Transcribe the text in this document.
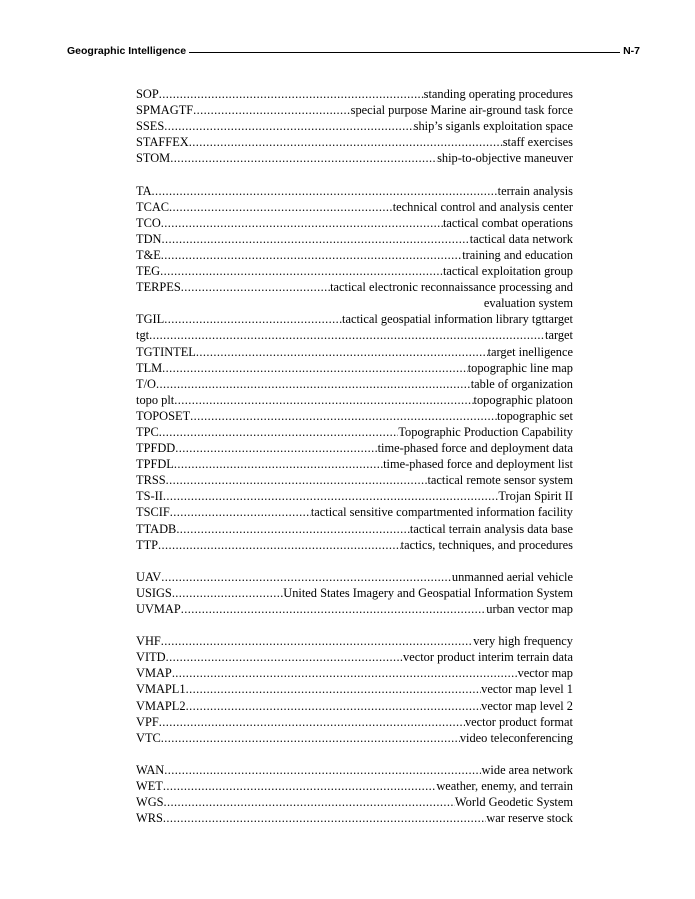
Geographic Intelligence	N-7
SOP .....	standing operating procedures
SPMAGTF .....	special purpose Marine air-ground task force
SSES .....	ship’s siganls exploitation space
STAFFEX .....	staff exercises
STOM .....	ship-to-objective maneuver
TA .....	terrain analysis
TCAC .....	technical control and analysis center
TCO .....	tactical combat operations
TDN .....	tactical data network
T&E .....	training and education
TEG .....	tactical exploitation group
TERPES .....	tactical electronic reconnaissance processing and
evaluation system
TGIL .....	tactical geospatial information library tgttarget
tgt .....	target
TGTINTEL .....	target inelligence
TLM .....	topographic line map
T/O .....	table of organization
topo plt .....	topographic platoon
TOPOSET .....	topographic set
TPC .....	Topographic Production Capability
TPFDD .....	time-phased force and deployment data
TPFDL .....	time-phased force and deployment list
TRSS .....	tactical remote sensor system
TS-II .....	Trojan Spirit II
TSCIF .....	tactical sensitive compartmented information facility
TTADB .....	tactical terrain analysis data base
TTP .....	tactics, techniques, and procedures
UAV .....	unmanned aerial vehicle
USIGS .....	United States Imagery and Geospatial Information System
UVMAP .....	urban vector map
VHF .....	very high frequency
VITD .....	vector product interim terrain data
VMAP .....	vector map
VMAPL1 .....	vector map level 1
VMAPL2 .....	vector map level 2
VPF .....	vector product format
VTC .....	video teleconferencing
WAN .....	wide area network
WET .....	weather, enemy, and terrain
WGS .....	World Geodetic System
WRS .....	war reserve stock
